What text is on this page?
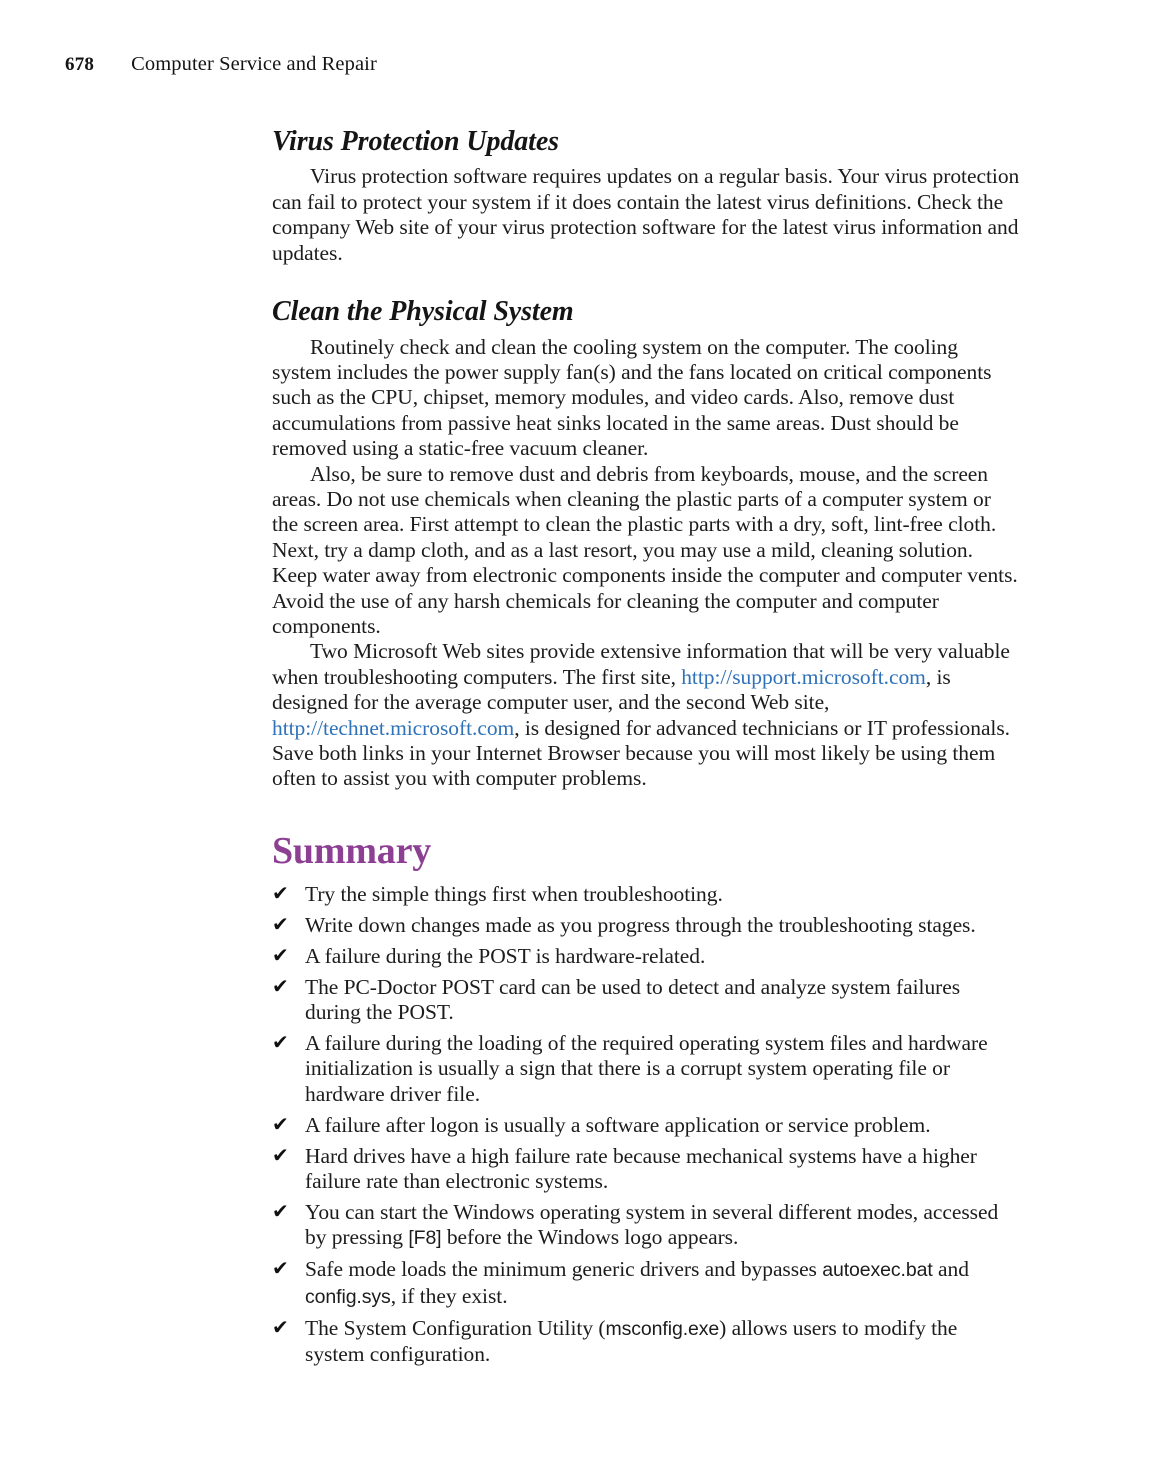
678 Computer Service and Repair
Virus Protection Updates

Virus protection software requires updates on a regular basis. Your virus protection can fail to protect your system if it does contain the latest virus definitions. Check the company Web site of your virus protection software for the latest virus information and updates.

Clean the Physical System

Routinely check and clean the cooling system on the computer. The cooling system includes the power supply fan(s) and the fans located on critical components such as the CPU, chipset, memory modules, and video cards. Also, remove dust accumulations from passive heat sinks located in the same areas. Dust should be removed using a static-free vacuum cleaner.

Also, be sure to remove dust and debris from keyboards, mouse, and the screen areas. Do not use chemicals when cleaning the plastic parts of a computer system or the screen area. First attempt to clean the plastic parts with a dry, soft, lint-free cloth. Next, try a damp cloth, and as a last resort, you may use a mild, cleaning solution. Keep water away from electronic components inside the computer and computer vents. Avoid the use of any harsh chemicals for cleaning the computer and computer components.

Two Microsoft Web sites provide extensive information that will be very valuable when troubleshooting computers. The first site, http://support.microsoft.com, is designed for the average computer user, and the second Web site, http://technet.microsoft.com, is designed for advanced technicians or IT professionals. Save both links in your Internet Browser because you will most likely be using them often to assist you with computer problems.

Summary
✔ Try the simple things first when troubleshooting.
✔ Write down changes made as you progress through the troubleshooting stages.
✔ A failure during the POST is hardware-related.
✔ The PC-Doctor POST card can be used to detect and analyze system failures during the POST.
✔ A failure during the loading of the required operating system files and hardware initialization is usually a sign that there is a corrupt system operating file or hardware driver file.
✔ A failure after logon is usually a software application or service problem.
✔ Hard drives have a high failure rate because mechanical systems have a higher failure rate than electronic systems.
✔ You can start the Windows operating system in several different modes, accessed by pressing [F8] before the Windows logo appears.
✔ Safe mode loads the minimum generic drivers and bypasses autoexec.bat and config.sys, if they exist.
✔ The System Configuration Utility (msconfig.exe) allows users to modify the system configuration.
